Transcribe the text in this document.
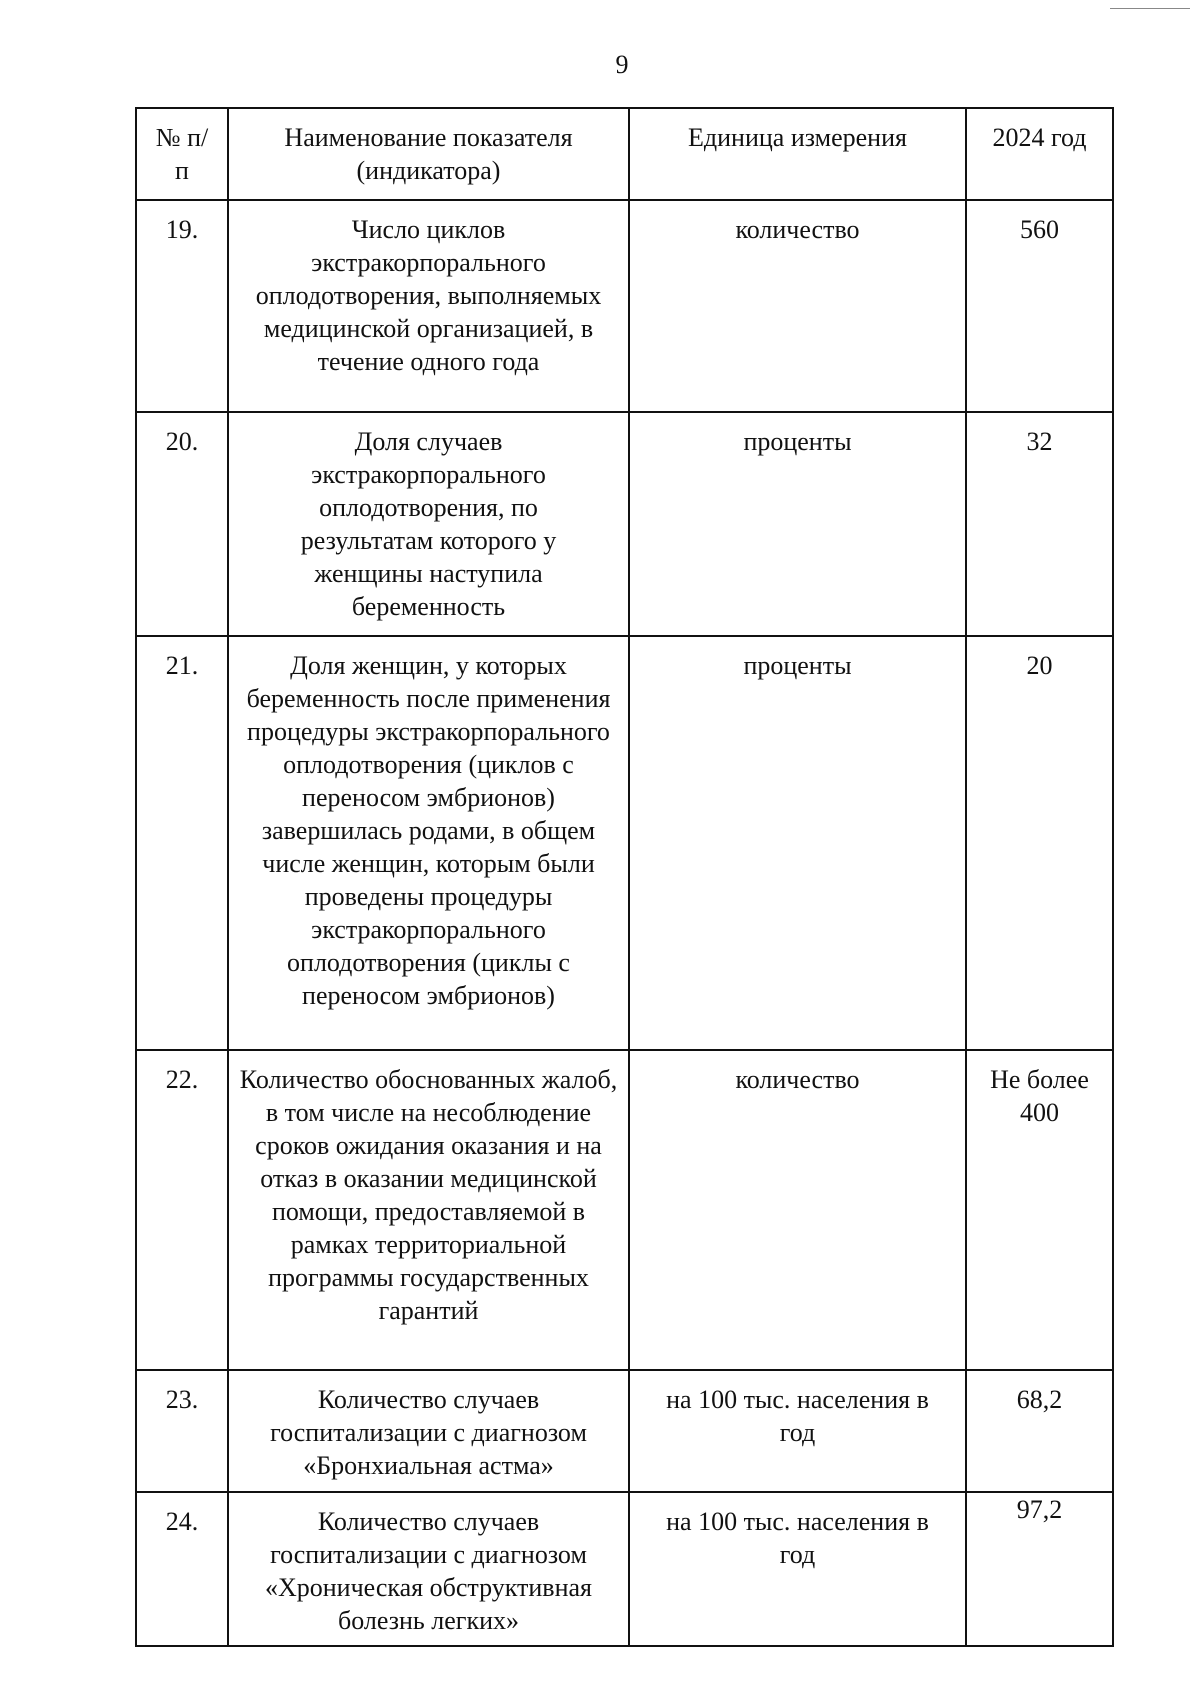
9
№ п/п	Наименование показателя (индикатора)	Единица измерения	2024 год
19.	Число циклов экстракорпорального оплодотворения, выполняемых медицинской организацией, в течение одного года	количество	560
20.	Доля случаев экстракорпорального оплодотворения, по результатам которого у женщины наступила беременность	проценты	32
21.	Доля женщин, у которых беременность после применения процедуры экстракорпорального оплодотворения (циклов с переносом эмбрионов) завершилась родами, в общем числе женщин, которым были проведены процедуры экстракорпорального оплодотворения (циклы с переносом эмбрионов)	проценты	20
22.	Количество обоснованных жалоб, в том числе на несоблюдение сроков ожидания оказания и на отказ в оказании медицинской помощи, предоставляемой в рамках территориальной программы государственных гарантий	количество	Не более 400
23.	Количество случаев госпитализации с диагнозом «Бронхиальная астма»	на 100 тыс. населения в год	68,2
24.	Количество случаев госпитализации с диагнозом «Хроническая обструктивная болезнь легких»	на 100 тыс. населения в год	97,2
